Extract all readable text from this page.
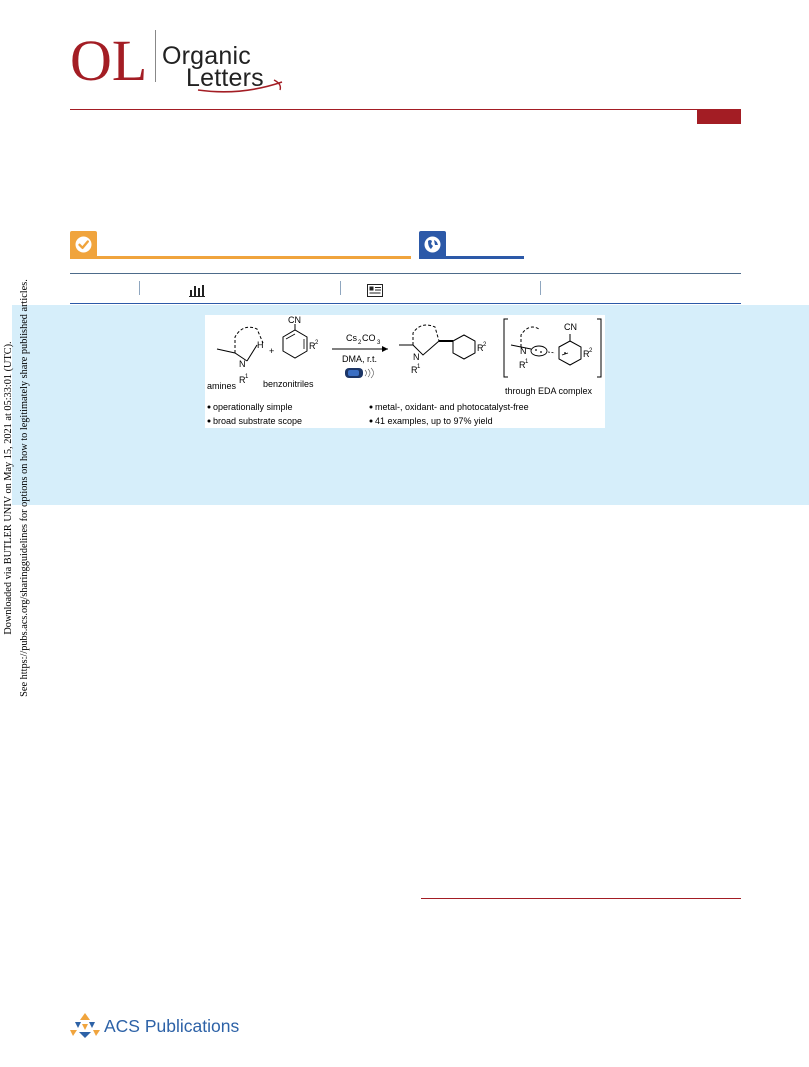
OL Organic
Letters
N
H
R 1
+
amines
CN
R 2
benzonitriles
Cs 2 CO 3
DMA, r.t.	N
R 1
R 2
N
R 1
CN
R 2
through EDA complex
operationally simple
broad substrate scope
metal-, oxidant- and photocatalyst-free
41 examples, up to 97% yield
Downloaded via BUTLER UNIV on May 15, 2021 at 05:33:01 (UTC). See https://pubs.acs.org/sharingguidelines for options on how to legitimately share published articles.
ACS Publications
